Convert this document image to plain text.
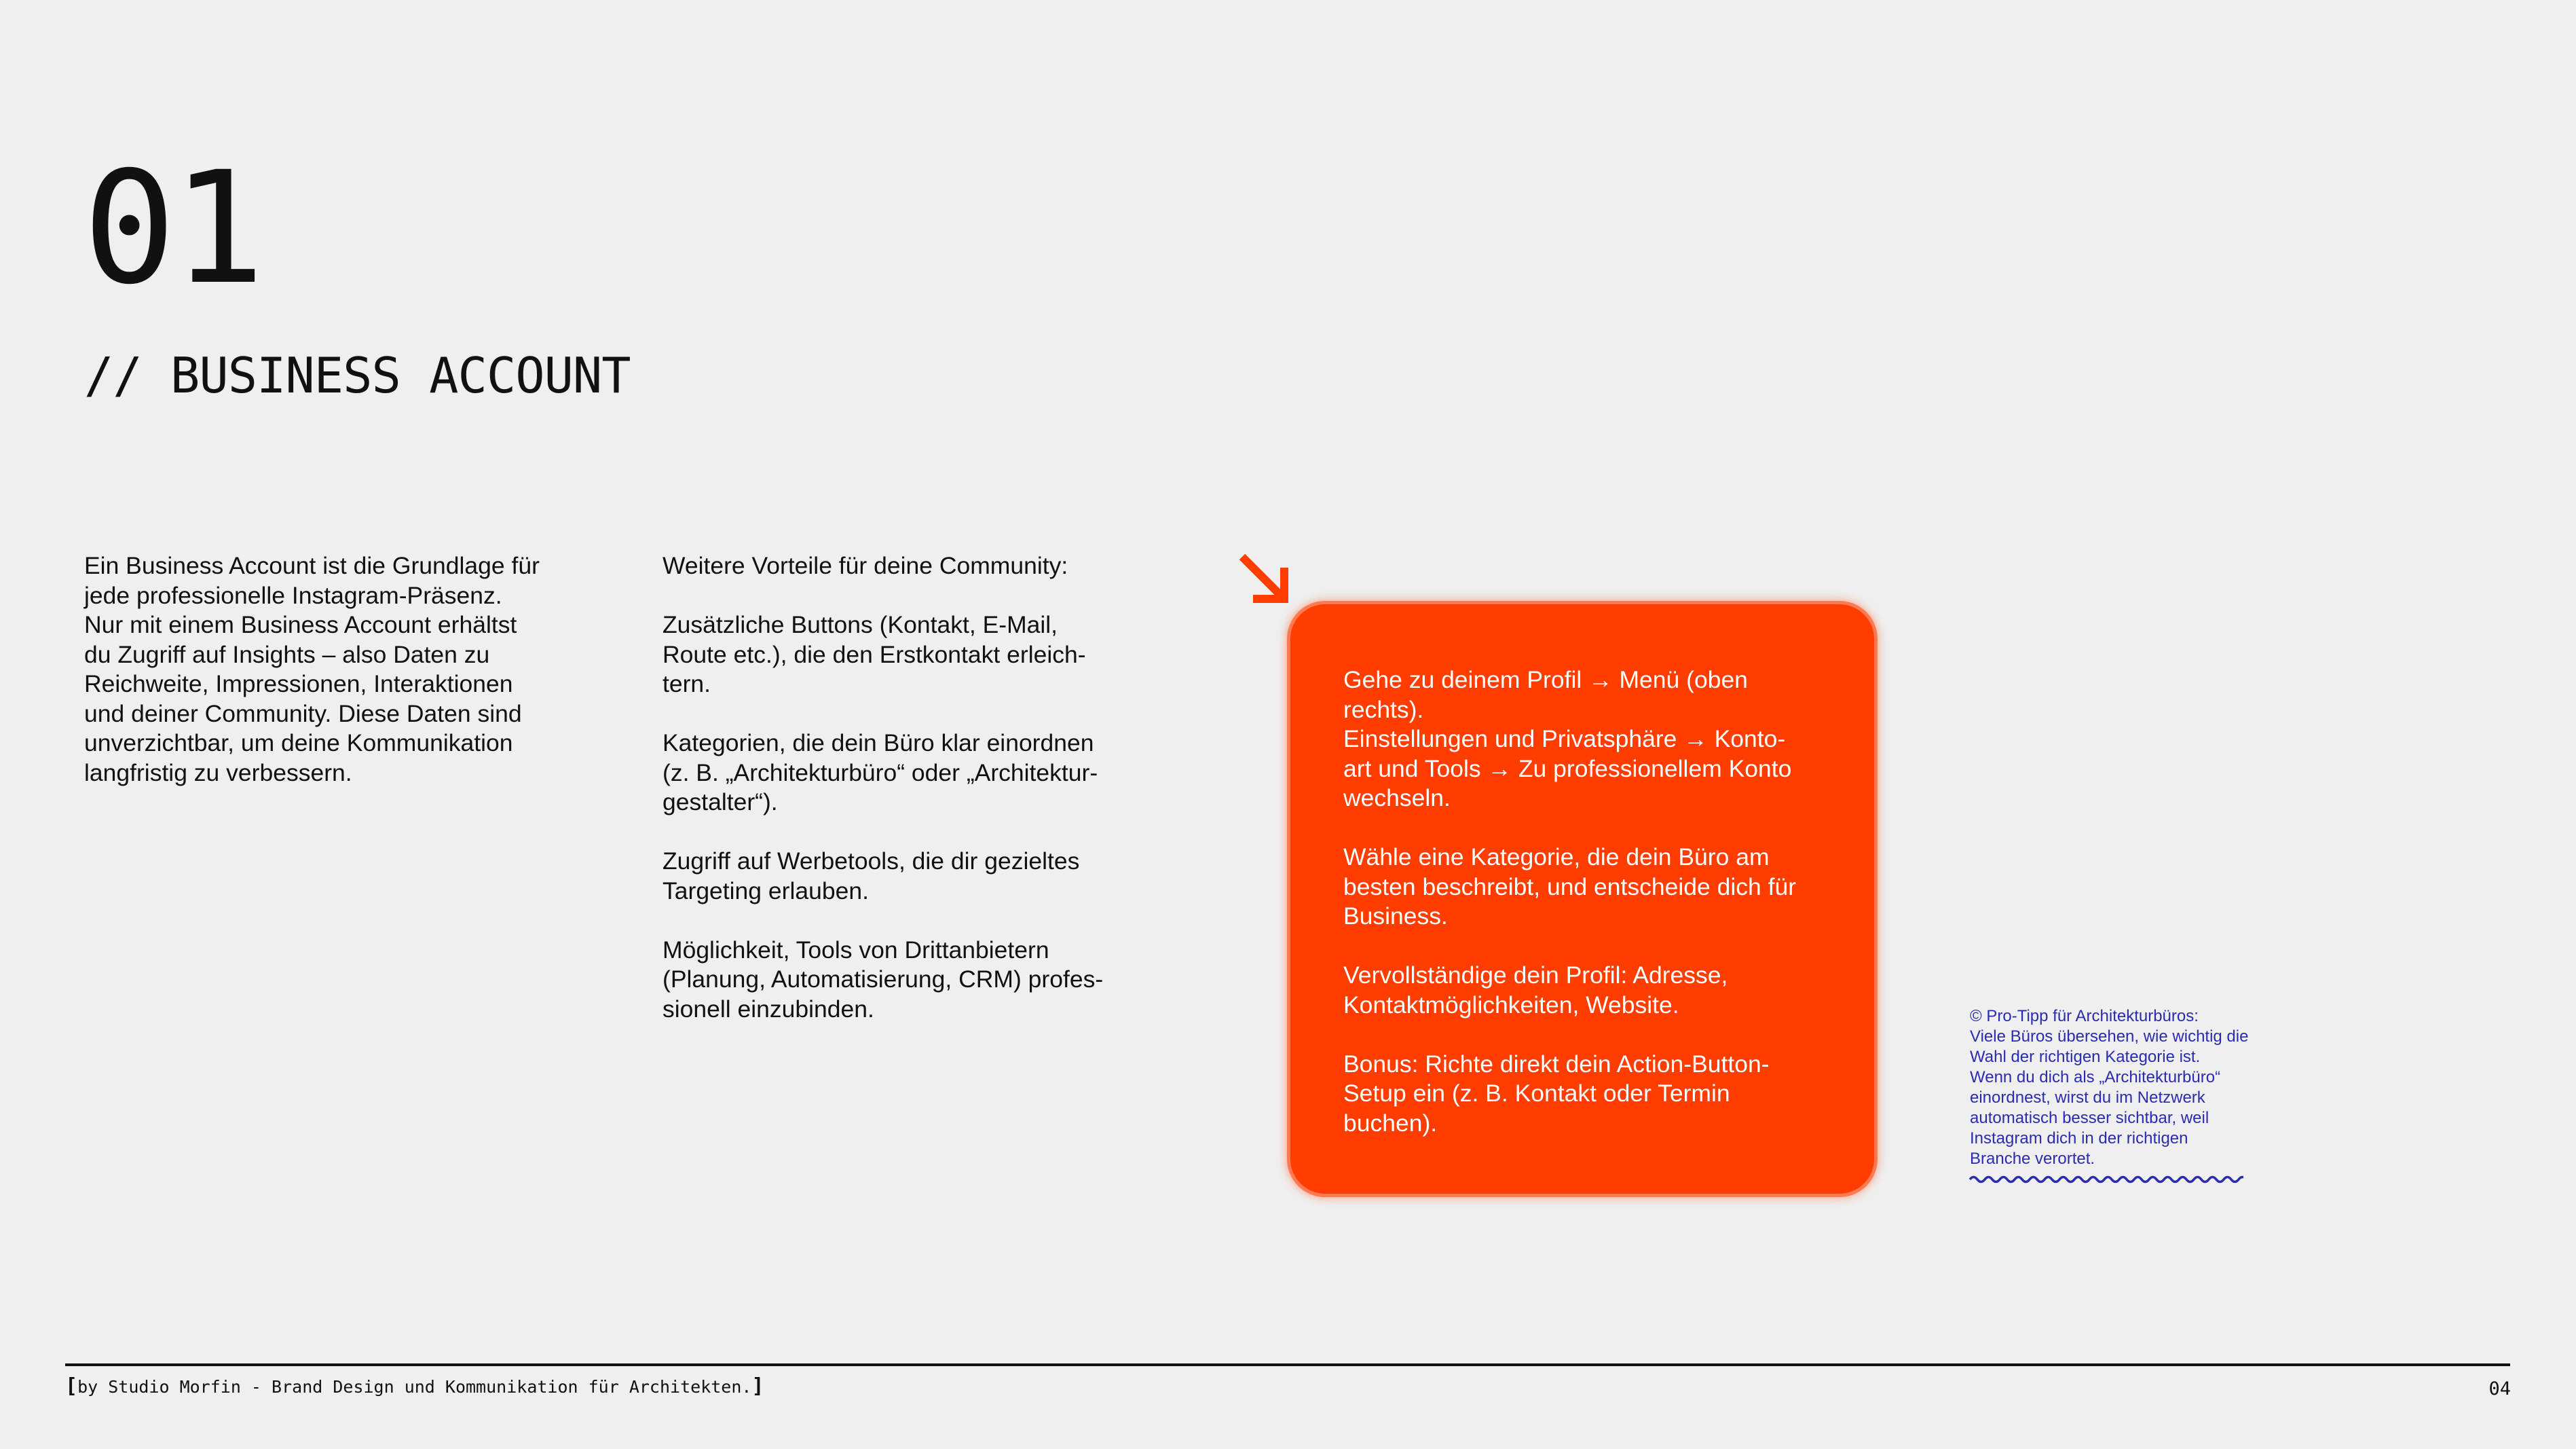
01
// BUSINESS ACCOUNT
Ein Business Account ist die Grundlage für
jede professionelle Instagram-Präsenz.
Nur mit einem Business Account erhältst
du Zugriff auf Insights – also Daten zu
Reichweite, Impressionen, Interaktionen
und deiner Community. Diese Daten sind
unverzichtbar, um deine Kommunikation
langfristig zu verbessern.
Weitere Vorteile für deine Community:

Zusätzliche Buttons (Kontakt, E-Mail,
Route etc.), die den Erstkontakt erleich-
tern.

Kategorien, die dein Büro klar einordnen
(z. B. „Architekturbüro“ oder „Architektur-
gestalter“).

Zugriff auf Werbetools, die dir gezieltes
Targeting erlauben.

Möglichkeit, Tools von Drittanbietern
(Planung, Automatisierung, CRM) profes-
sionell einzubinden.
Gehe zu deinem Profil → Menü (oben
rechts).
Einstellungen und Privatsphäre → Konto-
art und Tools → Zu professionellem Konto
wechseln.

Wähle eine Kategorie, die dein Büro am
besten beschreibt, und entscheide dich für
Business.

Vervollständige dein Profil: Adresse,
Kontaktmöglichkeiten, Website.

Bonus: Richte direkt dein Action-Button-
Setup ein (z. B. Kontakt oder Termin
buchen).
© Pro-Tipp für Architekturbüros:
Viele Büros übersehen, wie wichtig die
Wahl der richtigen Kategorie ist.
Wenn du dich als „Architekturbüro“
einordnest, wirst du im Netzwerk
automatisch besser sichtbar, weil
Instagram dich in der richtigen
Branche verortet.
[by Studio Morfin - Brand Design und Kommunikation für Architekten.]	04
